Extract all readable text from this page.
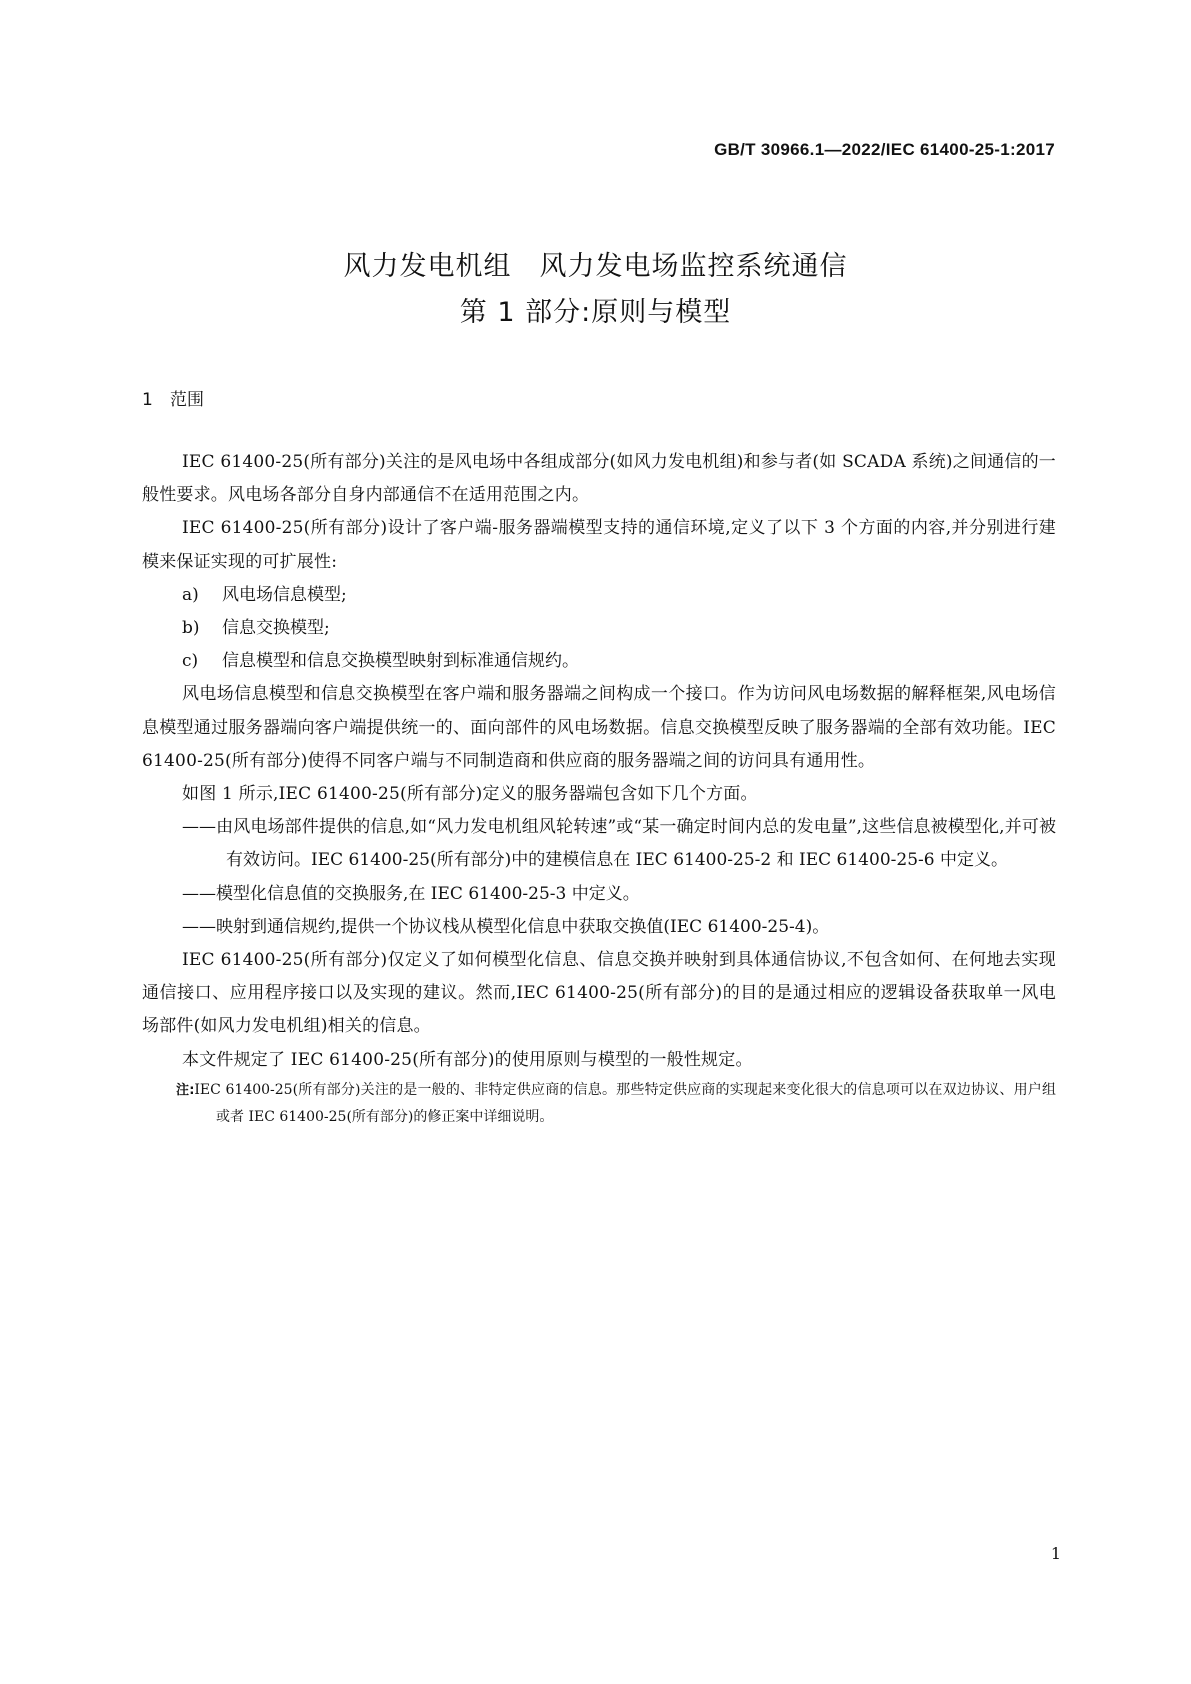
GB/T 30966.1—2022/IEC 61400-25-1:2017
风力发电机组　风力发电场监控系统通信
第 1 部分:原则与模型
1 范围

IEC 61400-25(所有部分)关注的是风电场中各组成部分(如风力发电机组)和参与者(如 SCADA 系统)之间通信的一般性要求。风电场各部分自身内部通信不在适用范围之内。

IEC 61400-25(所有部分)设计了客户端-服务器端模型支持的通信环境,定义了以下 3 个方面的内容,并分别进行建模来保证实现的可扩展性:

a) 风电场信息模型;

b) 信息交换模型;

c) 信息模型和信息交换模型映射到标准通信规约。

风电场信息模型和信息交换模型在客户端和服务器端之间构成一个接口。作为访问风电场数据的解释框架,风电场信息模型通过服务器端向客户端提供统一的、面向部件的风电场数据。信息交换模型反映了服务器端的全部有效功能。IEC 61400-25(所有部分)使得不同客户端与不同制造商和供应商的服务器端之间的访问具有通用性。

如图 1 所示,IEC 61400-25(所有部分)定义的服务器端包含如下几个方面。

——由风电场部件提供的信息,如“风力发电机组风轮转速”或“某一确定时间内总的发电量”,这些信息被模型化,并可被有效访问。IEC 61400-25(所有部分)中的建模信息在 IEC 61400-25-2 和 IEC 61400-25-6 中定义。

——模型化信息值的交换服务,在 IEC 61400-25-3 中定义。

——映射到通信规约,提供一个协议栈从模型化信息中获取交换值(IEC 61400-25-4)。

IEC 61400-25(所有部分)仅定义了如何模型化信息、信息交换并映射到具体通信协议,不包含如何、在何地去实现通信接口、应用程序接口以及实现的建议。然而,IEC 61400-25(所有部分)的目的是通过相应的逻辑设备获取单一风电场部件(如风力发电机组)相关的信息。

本文件规定了 IEC 61400-25(所有部分)的使用原则与模型的一般性规定。

注:IEC 61400-25(所有部分)关注的是一般的、非特定供应商的信息。那些特定供应商的实现起来变化很大的信息项可以在双边协议、用户组或者 IEC 61400-25(所有部分)的修正案中详细说明。

1
